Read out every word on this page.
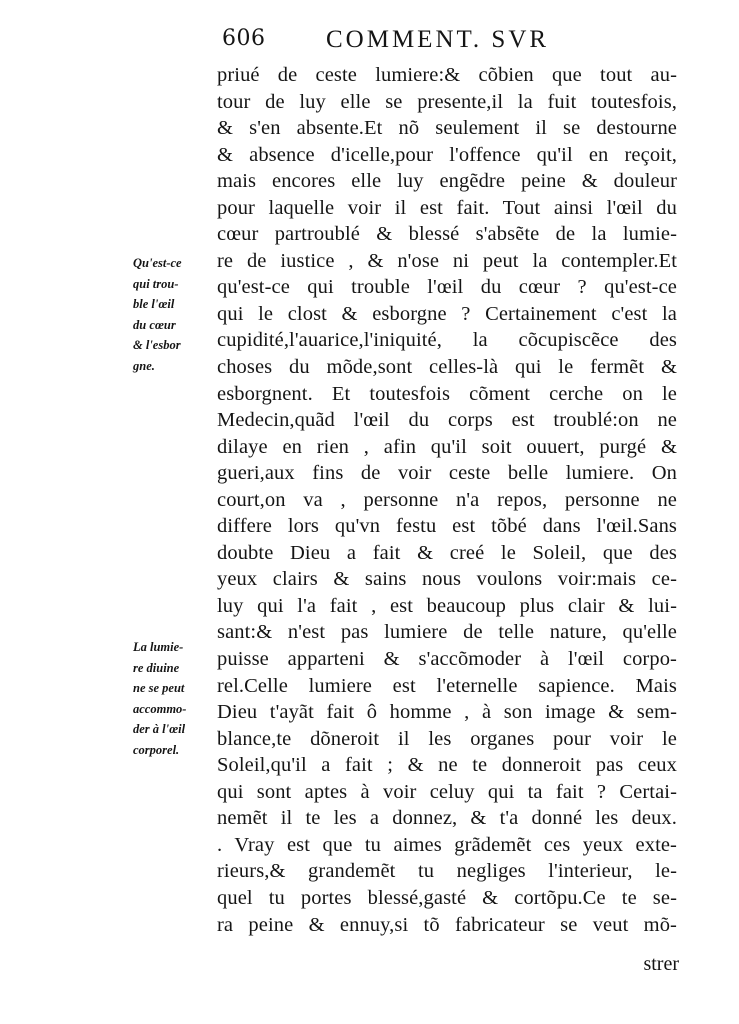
606 COMMENT. SVR
Qu'est-ce
qui trou-
ble l'œil
du cœur
& l'esbor
gne.
La lumie-
re diuine
ne se peut
accommo-
der à l'œil
corporel.
priué de ceste lumiere:& cõbien que tout au-
tour de luy elle se presente,il la fuit toutesfois,
& s'en absente.Et nõ seulement il se destourne
& absence d'icelle,pour l'offence qu'il en reçoit,
mais encores elle luy engẽdre peine & douleur
pour laquelle voir il est fait. Tout ainsi l'œil du
cœur partroublé & blessé s'absẽte de la lumie-
re de iustice , & n'ose ni peut la contempler.Et
qu'est-ce qui trouble l'œil du cœur ? qu'est-ce
qui le clost & esborgne ? Certainement c'est la
cupidité,l'auarice,l'iniquité, la cõcupiscẽce des
choses du mõde,sont celles-là qui le fermẽt &
esborgnent. Et toutesfois cõment cerche on le
Medecin,quãd l'œil du corps est troublé:on ne
dilaye en rien , afin qu'il soit ouuert, purgé &
gueri,aux fins de voir ceste belle lumiere. On
court,on va , personne n'a repos, personne ne
differe lors qu'vn festu est tõbé dans l'œil.Sans
doubte Dieu a fait & creé le Soleil, que des
yeux clairs & sains nous voulons voir:mais ce-
luy qui l'a fait , est beaucoup plus clair & lui-
sant:& n'est pas lumiere de telle nature, qu'elle
puisse apparteni & s'accõmoder à l'œil corpo-
rel.Celle lumiere est l'eternelle sapience. Mais
Dieu t'ayãt fait ô homme , à son image & sem-
blance,te dõneroit il les organes pour voir le
Soleil,qu'il a fait ; & ne te donneroit pas ceux
qui sont aptes à voir celuy qui ta fait ? Certai-
nemẽt il te les a donnez, & t'a donné les deux.
. Vray est que tu aimes grãdemẽt ces yeux exte-
rieurs,& grandemẽt tu negliges l'interieur, le-
quel tu portes blessé,gasté & cortõpu.Ce te se-
ra peine & ennuy,si tõ fabricateur se veut mõ-
strer
